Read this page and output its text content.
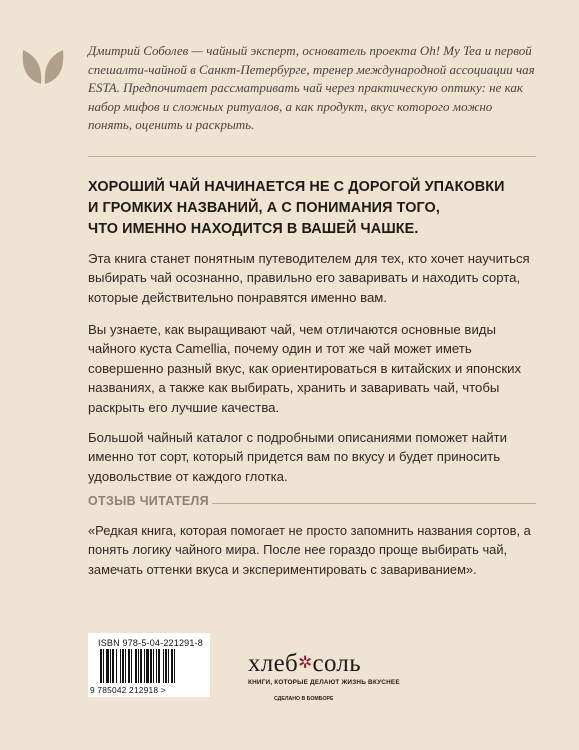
Дмитрий Соболев — чайный эксперт, основатель проекта Oh! My Tea и первой спешалти-чайной в Санкт-Петербурге, тренер международной ассоциации чая ESTA. Предпочитает рассматривать чай через практическую оптику: не как набор мифов и сложных ритуалов, а как продукт, вкус которого можно понять, оценить и раскрыть.
ХОРОШИЙ ЧАЙ НАЧИНАЕТСЯ НЕ С ДОРОГОЙ УПАКОВКИ
И ГРОМКИХ НАЗВАНИЙ, А С ПОНИМАНИЯ ТОГО,
ЧТО ИМЕННО НАХОДИТСЯ В ВАШЕЙ ЧАШКЕ.
Эта книга станет понятным путеводителем для тех, кто хочет научиться выбирать чай осознанно, правильно его заваривать и находить сорта, которые действительно понравятся именно вам.
Вы узнаете, как выращивают чай, чем отличаются основные виды чайного куста Camellia, почему один и тот же чай может иметь совершенно разный вкус, как ориентироваться в китайских и японских названиях, а также как выбирать, хранить и заваривать чай, чтобы раскрыть его лучшие качества.
Большой чайный каталог с подробными описаниями поможет найти именно тот сорт, который придется вам по вкусу и будет приносить удовольствие от каждого глотка.
ОТЗЫВ ЧИТАТЕЛЯ
«Редкая книга, которая помогает не просто запомнить названия сортов, а понять логику чайного мира. После нее гораздо проще выбирать чай, замечать оттенки вкуса и экспериментировать с завариванием».
ISBN 978-5-04-221291-8
9 785042 212918 >
хлеб✲соль
КНИГИ, КОТОРЫЕ ДЕЛАЮТ ЖИЗНЬ ВКУСНЕЕ
СДЕЛАНО В БОМБОРЕ
